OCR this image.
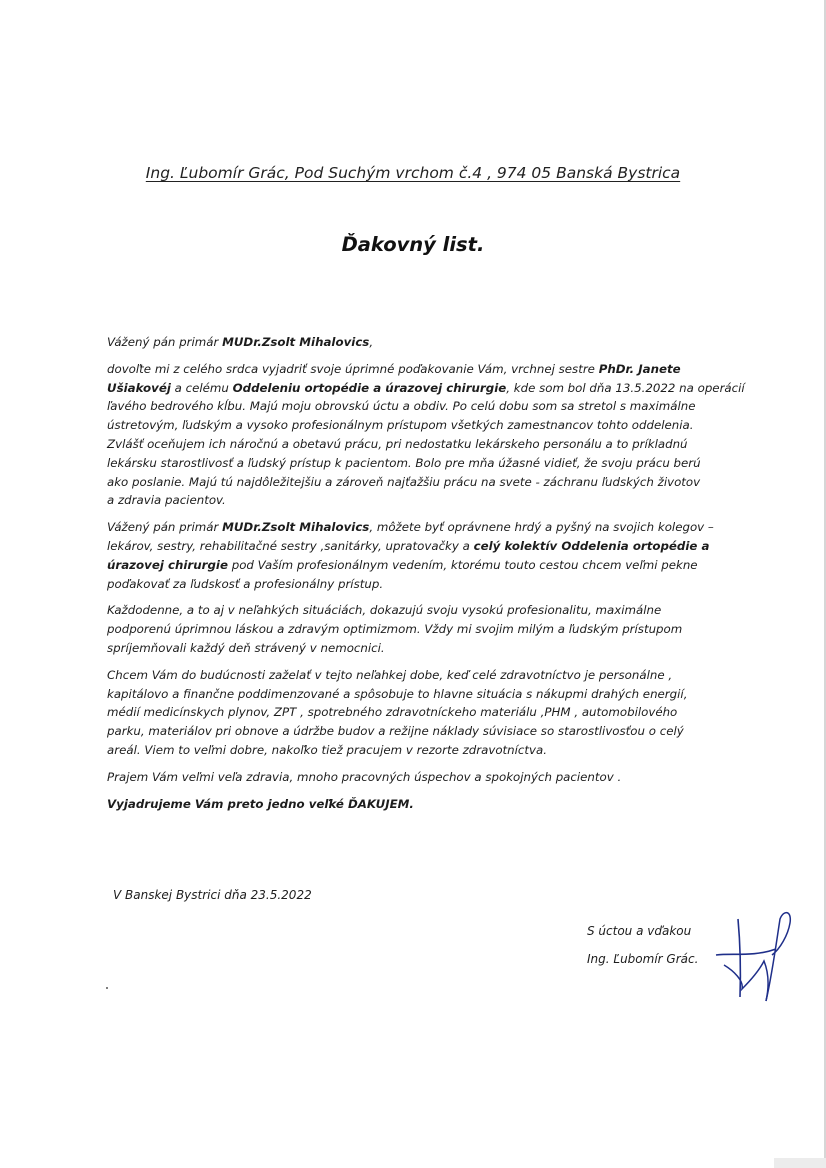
Ing. Ľubomír Grác, Pod Suchým vrchom č.4 , 974 05 Banská Bystrica
Ďakovný list.

Vážený pán primár MUDr.Zsolt Mihalovics,

dovoľte mi z celého srdca vyjadriť svoje úprimné poďakovanie Vám, vrchnej sestre PhDr. Janete
Ušiakovéj a celému Oddeleniu ortopédie a úrazovej chirurgie, kde som bol dňa 13.5.2022 na operácií
ľavého bedrového kĺbu. Majú moju obrovskú úctu a obdiv. Po celú dobu som sa stretol s maximálne
ústretovým, ľudským a vysoko profesionálnym prístupom všetkých zamestnancov tohto oddelenia.
Zvlášť oceňujem ich náročnú a obetavú prácu, pri nedostatku lekárskeho personálu a to príkladnú
lekársku starostlivosť a ľudský prístup k pacientom. Bolo pre mňa úžasné vidieť, že svoju prácu berú
ako poslanie. Majú tú najdôležitejšiu a zároveň najťažšiu prácu na svete - záchranu ľudských životov
a zdravia pacientov.

Vážený pán primár MUDr.Zsolt Mihalovics, môžete byť oprávnene hrdý a pyšný na svojich kolegov –
lekárov, sestry, rehabilitačné sestry ,sanitárky, upratovačky a celý kolektív Oddelenia ortopédie a
úrazovej chirurgie pod Vaším profesionálnym vedením, ktorému touto cestou chcem veľmi pekne
poďakovať za ľudskosť a profesionálny prístup.

Každodenne, a to aj v neľahkých situáciách, dokazujú svoju vysokú profesionalitu, maximálne
podporenú úprimnou láskou a zdravým optimizmom. Vždy mi svojim milým a ľudským prístupom
spríjemňovali každý deň strávený v nemocnici.

Chcem Vám do budúcnosti zaželať v tejto neľahkej dobe, keď celé zdravotníctvo je personálne ,
kapitálovo a finančne poddimenzované a spôsobuje to hlavne situácia s nákupmi drahých energií,
médií medicínskych plynov, ZPT , spotrebného zdravotníckeho materiálu ,PHM , automobilového
parku, materiálov pri obnove a údržbe budov a režijne náklady súvisiace so starostlivosťou o celý
areál. Viem to veľmi dobre, nakoľko tiež pracujem v rezorte zdravotníctva.

Prajem Vám veľmi veľa zdravia, mnoho pracovných úspechov a spokojných pacientov .

Vyjadrujeme Vám preto jedno veľké ĎAKUJEM.

V Banskej Bystrici dňa 23.5.2022
S úctou a vďakou
Ing. Ľubomír Grác.
